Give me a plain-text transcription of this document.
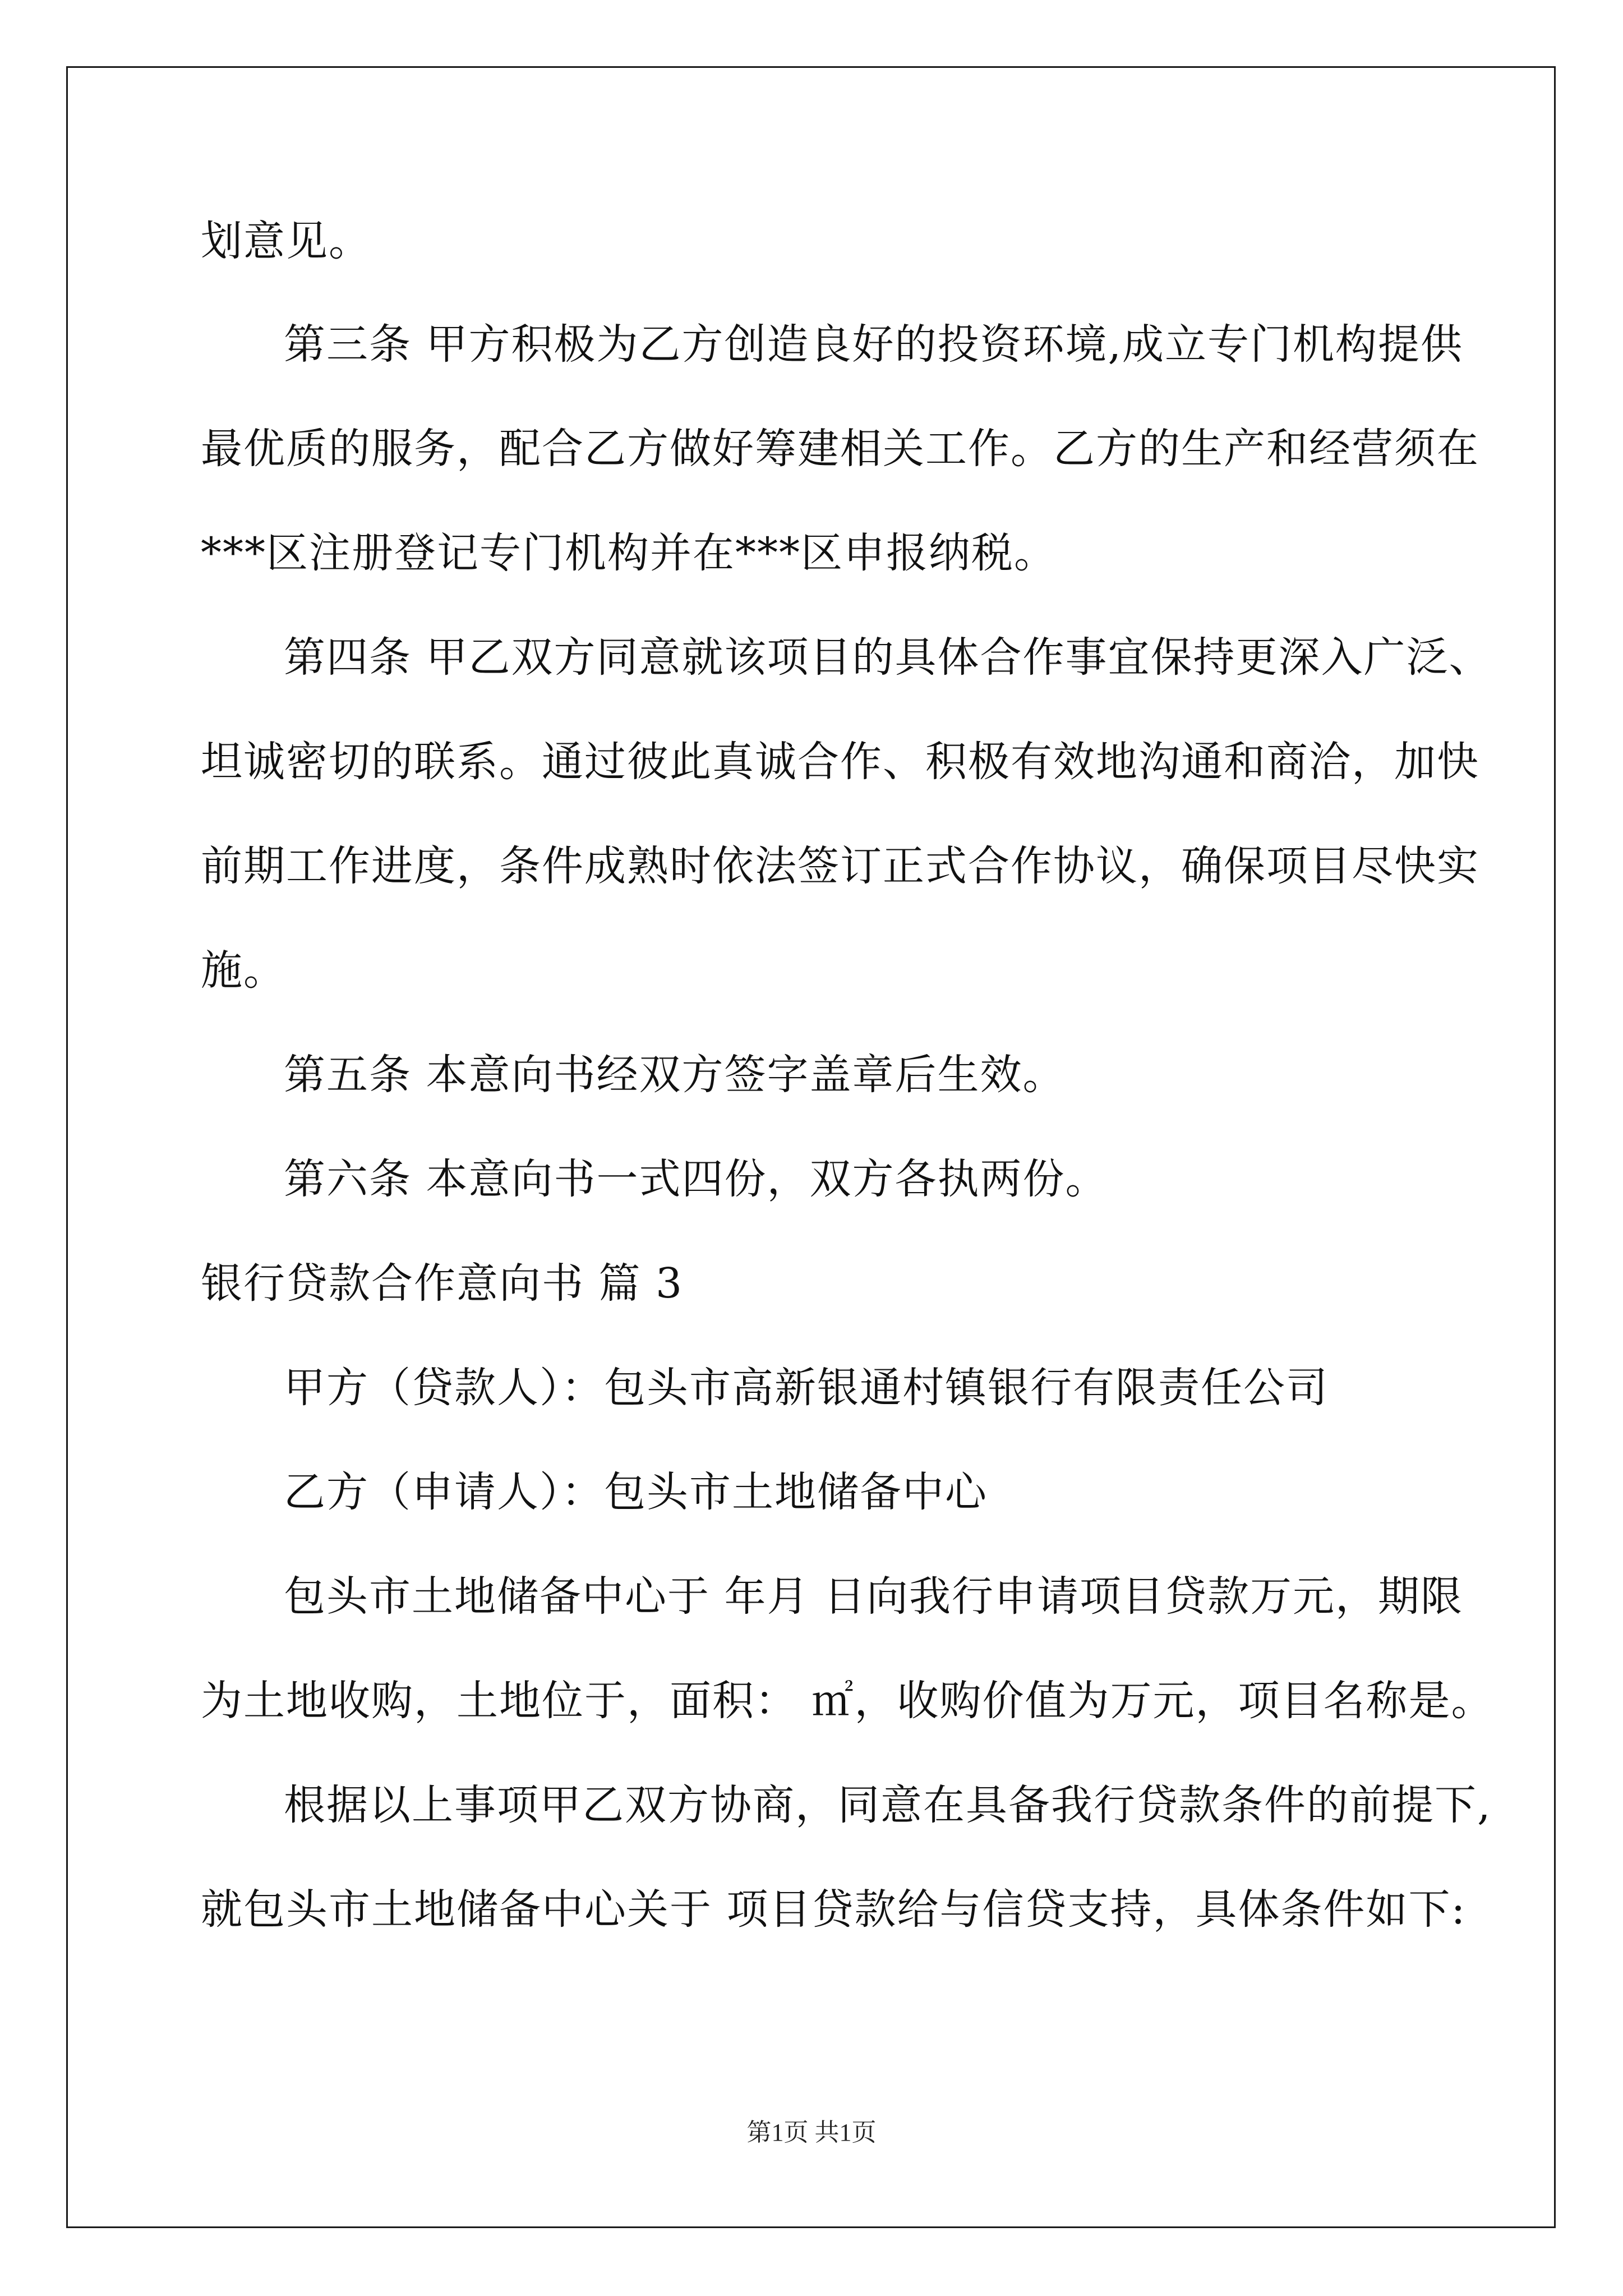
划意见。
第三条 甲方积极为乙方创造良好的投资环境,成立专门机构提供
最优质的服务，配合乙方做好筹建相关工作。乙方的生产和经营须在
***区注册登记专门机构并在***区申报纳税。
第四条 甲乙双方同意就该项目的具体合作事宜保持更深入广泛、
坦诚密切的联系。通过彼此真诚合作、积极有效地沟通和商洽，加快
前期工作进度，条件成熟时依法签订正式合作协议，确保项目尽快实
施。
第五条 本意向书经双方签字盖章后生效。
第六条 本意向书一式四份，双方各执两份。
银行贷款合作意向书 篇 3
甲方（贷款人）：包头市高新银通村镇银行有限责任公司
乙方（申请人）：包头市土地储备中心
包头市土地储备中心于 年月 日向我行申请项目贷款万元，期限
为土地收购，土地位于，面积： ㎡，收购价值为万元，项目名称是。
根据以上事项甲乙双方协商，同意在具备我行贷款条件的前提下,
就包头市土地储备中心关于 项目贷款给与信贷支持，具体条件如下:
第1页 共1页
